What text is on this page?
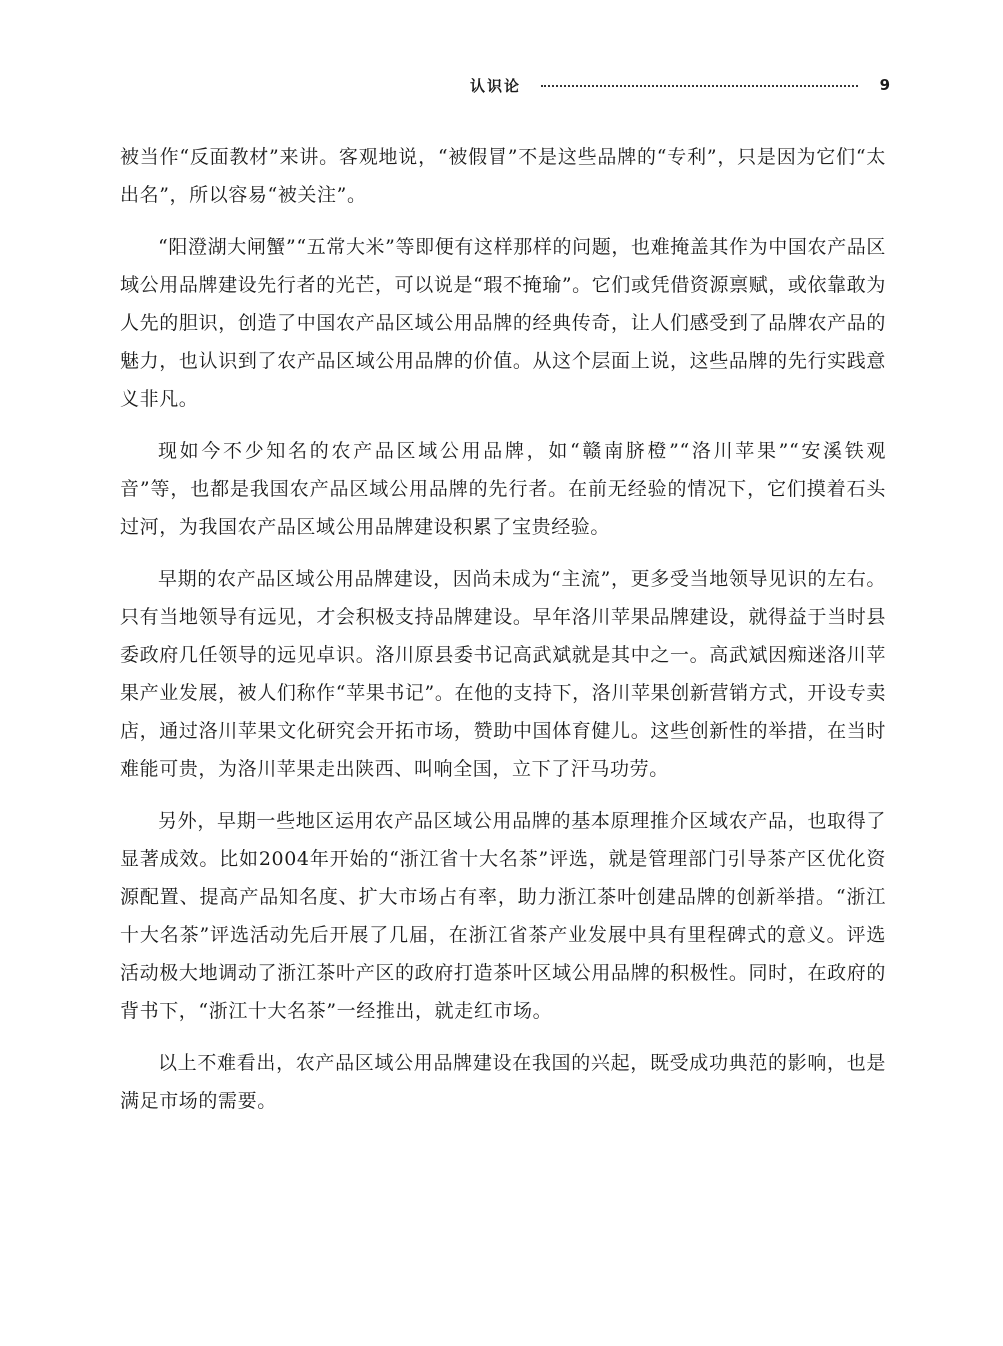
认识论	9

被当作“反面教材”来讲。客观地说，“被假冒”不是这些品牌的“专利”，只是因为它们“太出名”，所以容易“被关注”。

“阳澄湖大闸蟹”“五常大米”等即便有这样那样的问题，也难掩盖其作为中国农产品区域公用品牌建设先行者的光芒，可以说是“瑕不掩瑜”。它们或凭借资源禀赋，或依靠敢为人先的胆识，创造了中国农产品区域公用品牌的经典传奇，让人们感受到了品牌农产品的魅力，也认识到了农产品区域公用品牌的价值。从这个层面上说，这些品牌的先行实践意义非凡。

现如今不少知名的农产品区域公用品牌，如“赣南脐橙”“洛川苹果”“安溪铁观音”等，也都是我国农产品区域公用品牌的先行者。在前无经验的情况下，它们摸着石头过河，为我国农产品区域公用品牌建设积累了宝贵经验。

早期的农产品区域公用品牌建设，因尚未成为“主流”，更多受当地领导见识的左右。只有当地领导有远见，才会积极支持品牌建设。早年洛川苹果品牌建设，就得益于当时县委政府几任领导的远见卓识。洛川原县委书记高武斌就是其中之一。高武斌因痴迷洛川苹果产业发展，被人们称作“苹果书记”。在他的支持下，洛川苹果创新营销方式，开设专卖店，通过洛川苹果文化研究会开拓市场，赞助中国体育健儿。这些创新性的举措，在当时难能可贵，为洛川苹果走出陕西、叫响全国，立下了汗马功劳。

另外，早期一些地区运用农产品区域公用品牌的基本原理推介区域农产品，也取得了显著成效。比如2004年开始的“浙江省十大名茶”评选，就是管理部门引导茶产区优化资源配置、提高产品知名度、扩大市场占有率，助力浙江茶叶创建品牌的创新举措。“浙江十大名茶”评选活动先后开展了几届，在浙江省茶产业发展中具有里程碑式的意义。评选活动极大地调动了浙江茶叶产区的政府打造茶叶区域公用品牌的积极性。同时，在政府的背书下，“浙江十大名茶”一经推出，就走红市场。

以上不难看出，农产品区域公用品牌建设在我国的兴起，既受成功典范的影响，也是满足市场的需要。
